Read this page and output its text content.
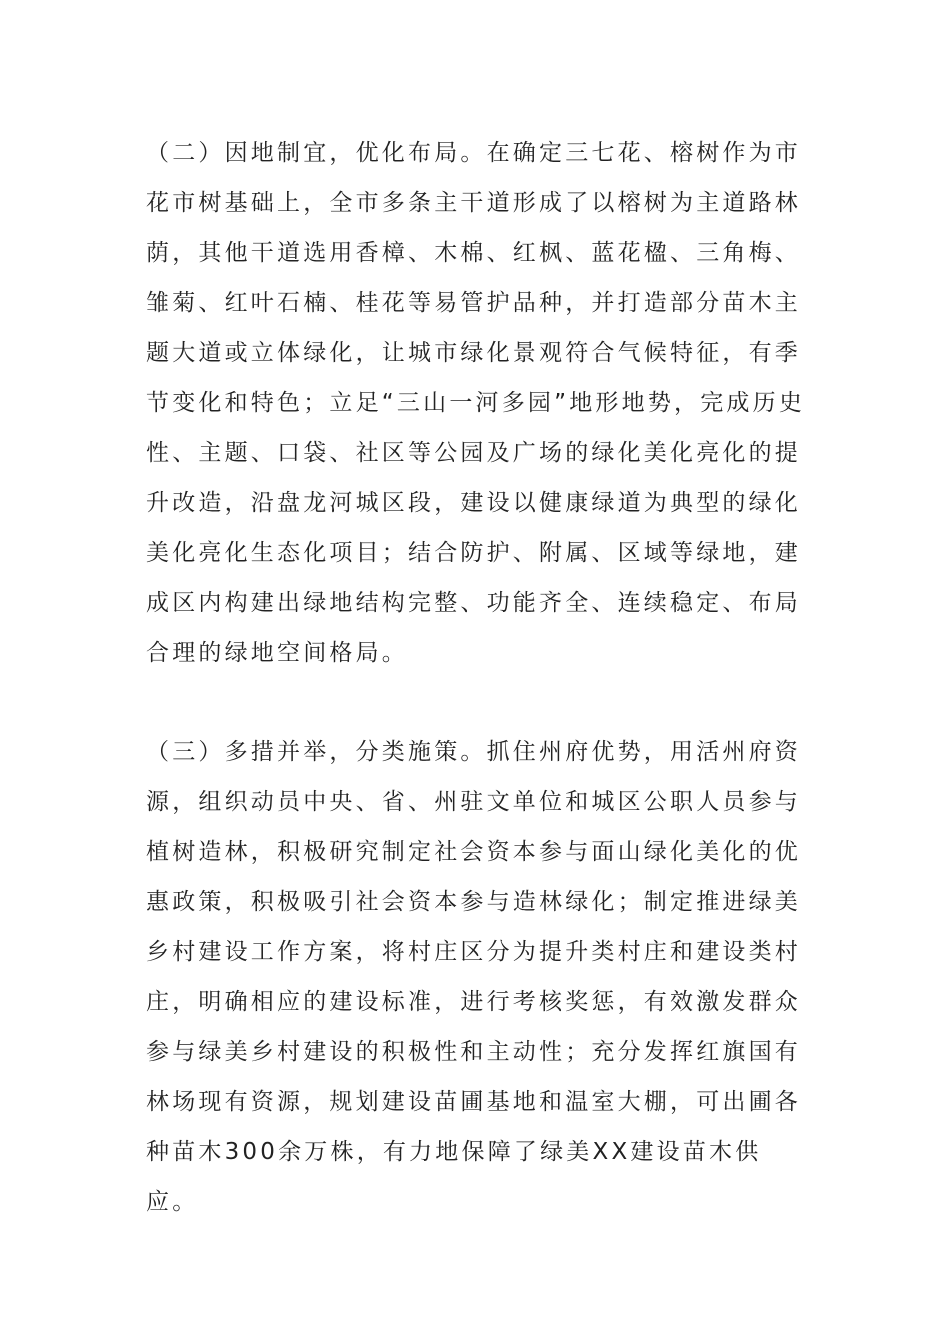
（二）因地制宜，优化布局。在确定三七花、榕树作为市花市树基础上，全市多条主干道形成了以榕树为主道路林荫，其他干道选用香樟、木棉、红枫、蓝花楹、三角梅、雏菊、红叶石楠、桂花等易管护品种，并打造部分苗木主题大道或立体绿化，让城市绿化景观符合气候特征，有季节变化和特色；立足“三山一河多园”地形地势，完成历史性、主题、口袋、社区等公园及广场的绿化美化亮化的提升改造，沿盘龙河城区段，建设以健康绿道为典型的绿化美化亮化生态化项目；结合防护、附属、区域等绿地，建成区内构建出绿地结构完整、功能齐全、连续稳定、布局合理的绿地空间格局。

（三）多措并举，分类施策。抓住州府优势，用活州府资源，组织动员中央、省、州驻文单位和城区公职人员参与植树造林，积极研究制定社会资本参与面山绿化美化的优惠政策，积极吸引社会资本参与造林绿化；制定推进绿美乡村建设工作方案，将村庄区分为提升类村庄和建设类村庄，明确相应的建设标准，进行考核奖惩，有效激发群众参与绿美乡村建设的积极性和主动性；充分发挥红旗国有林场现有资源，规划建设苗圃基地和温室大棚，可出圃各种苗木300余万株，有力地保障了绿美XX建设苗木供应。
